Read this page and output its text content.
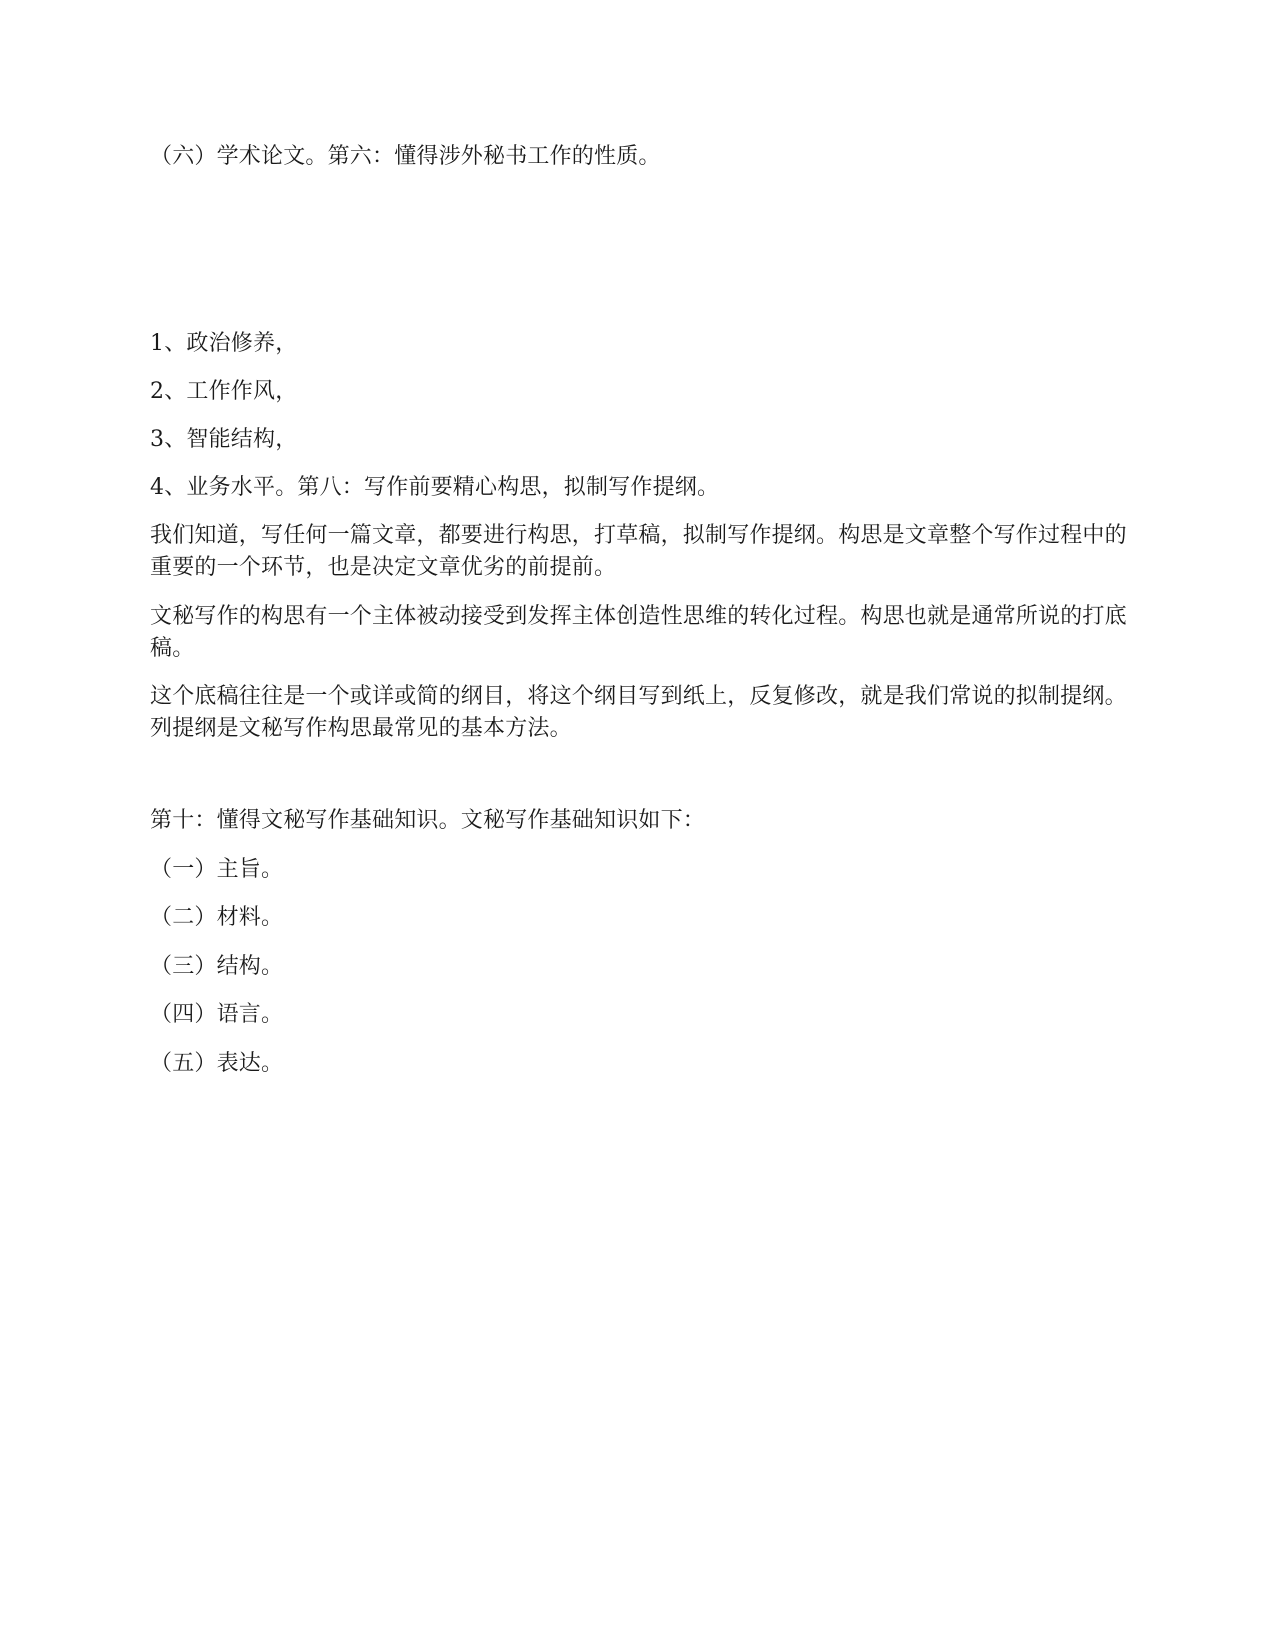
（六）学术论文。第六：懂得涉外秘书工作的性质。
1、政治修养，
2、工作作风，
3、智能结构，
4、业务水平。第八：写作前要精心构思，拟制写作提纲。
我们知道，写任何一篇文章，都要进行构思，打草稿，拟制写作提纲。构思是文章整个写作过程中的重要的一个环节，也是决定文章优劣的前提前。
文秘写作的构思有一个主体被动接受到发挥主体创造性思维的转化过程。构思也就是通常所说的打底稿。
这个底稿往往是一个或详或简的纲目，将这个纲目写到纸上，反复修改，就是我们常说的拟制提纲。列提纲是文秘写作构思最常见的基本方法。
第十：懂得文秘写作基础知识。文秘写作基础知识如下：
（一）主旨。
（二）材料。
（三）结构。
（四）语言。
（五）表达。
